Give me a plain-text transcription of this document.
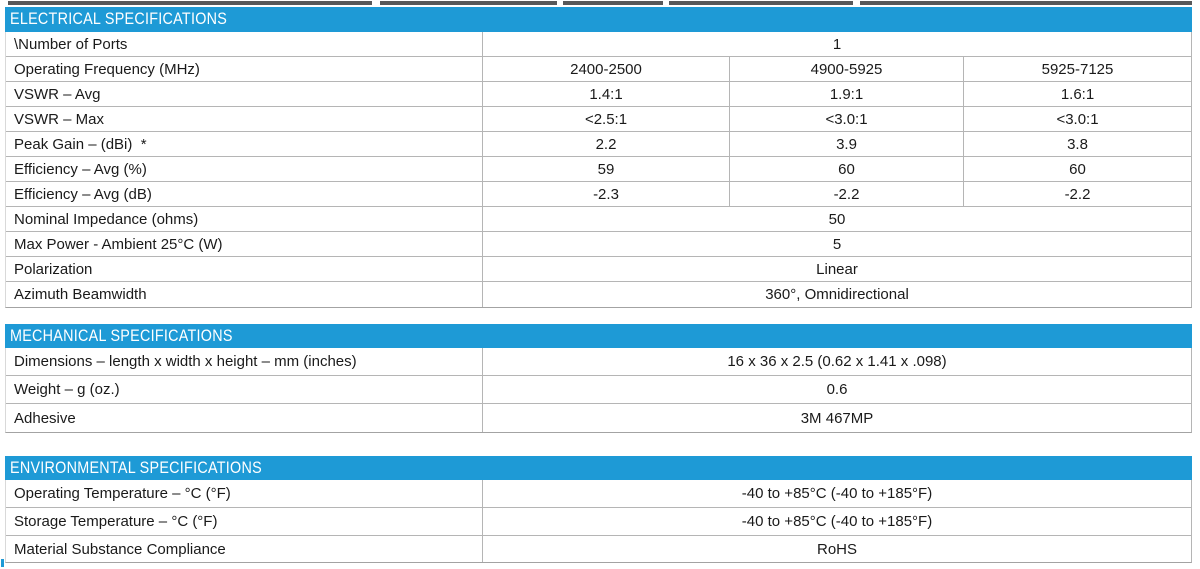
ELECTRICAL SPECIFICATIONS
\Number of Ports	1
Operating Frequency (MHz)	2400-2500	4900-5925	5925-7125
VSWR – Avg	1.4:1	1.9:1	1.6:1
VSWR – Max	<2.5:1	<3.0:1	<3.0:1
Peak Gain – (dBi)  *	2.2	3.9	3.8
Efficiency – Avg (%)	59	60	60
Efficiency – Avg (dB)	-2.3	-2.2	-2.2
Nominal Impedance (ohms)	50
Max Power - Ambient 25°C (W)	5
Polarization	Linear
Azimuth Beamwidth	360°, Omnidirectional
MECHANICAL SPECIFICATIONS
Dimensions – length x width x height – mm (inches)	16 x 36 x 2.5 (0.62 x 1.41 x .098)
Weight – g (oz.)	0.6
Adhesive	3M 467MP
ENVIRONMENTAL SPECIFICATIONS
Operating Temperature – °C (°F)	-40 to +85°C (-40 to +185°F)
Storage Temperature – °C (°F)	-40 to +85°C (-40 to +185°F)
Material Substance Compliance	RoHS
